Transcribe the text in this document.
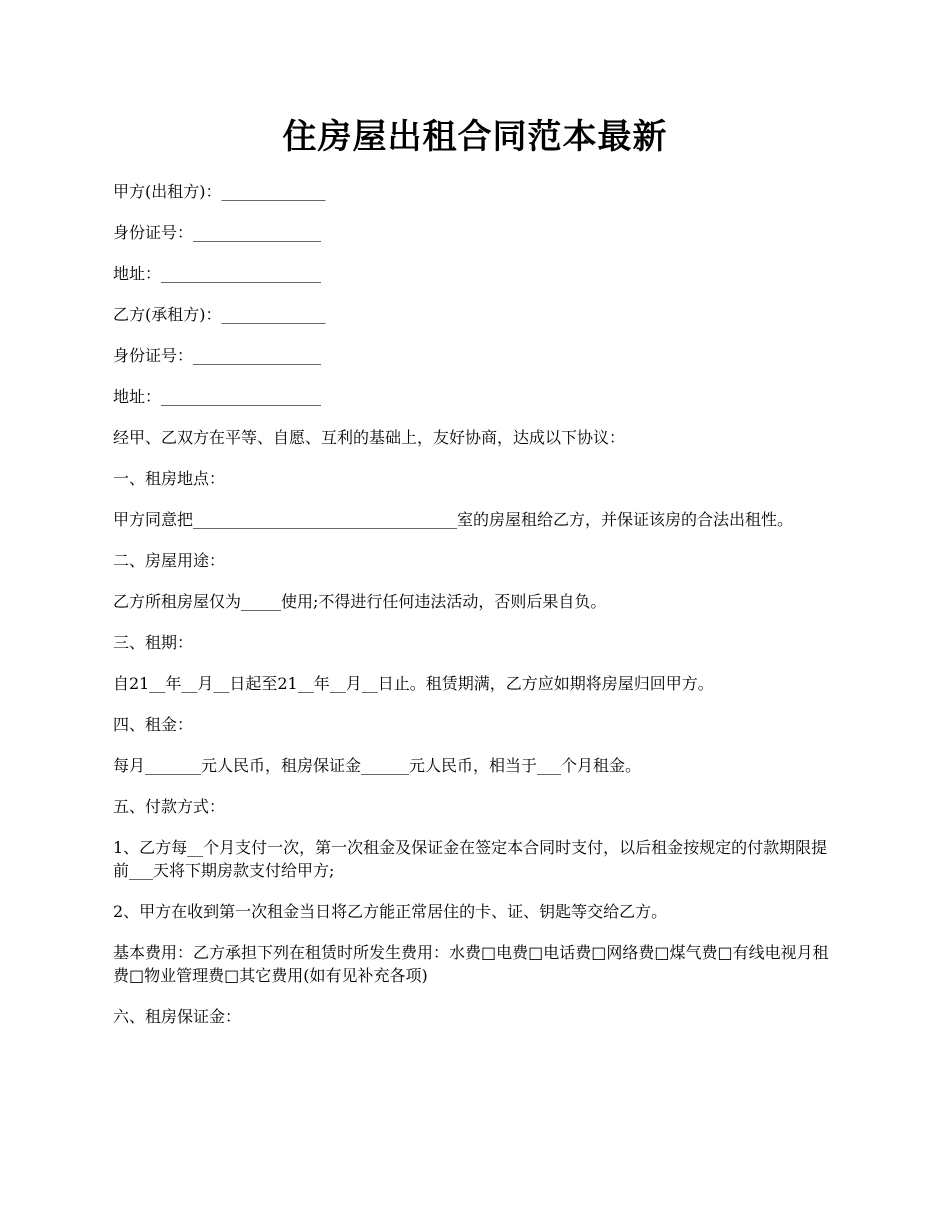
住房屋出租合同范本最新

甲方(出租方)：_____________

身份证号：________________

地址：____________________

乙方(承租方)：_____________

身份证号：________________

地址：____________________

经甲、乙双方在平等、自愿、互利的基础上，友好协商，达成以下协议：

一、租房地点：

甲方同意把_________________________________室的房屋租给乙方，并保证该房的合法出租性。

二、房屋用途：

乙方所租房屋仅为_____使用;不得进行任何违法活动，否则后果自负。

三、租期：

自21__年__月__日起至21__年__月__日止。租赁期满，乙方应如期将房屋归回甲方。

四、租金：

每月_______元人民币，租房保证金______元人民币，相当于___个月租金。

五、付款方式：

1、乙方每__个月支付一次，第一次租金及保证金在签定本合同时支付，以后租金按规定的付款期限提前___天将下期房款支付给甲方;

2、甲方在收到第一次租金当日将乙方能正常居住的卡、证、钥匙等交给乙方。

基本费用：乙方承担下列在租赁时所发生费用：水费□电费□电话费□网络费□煤气费□有线电视月租费□物业管理费□其它费用(如有见补充各项)

六、租房保证金：
